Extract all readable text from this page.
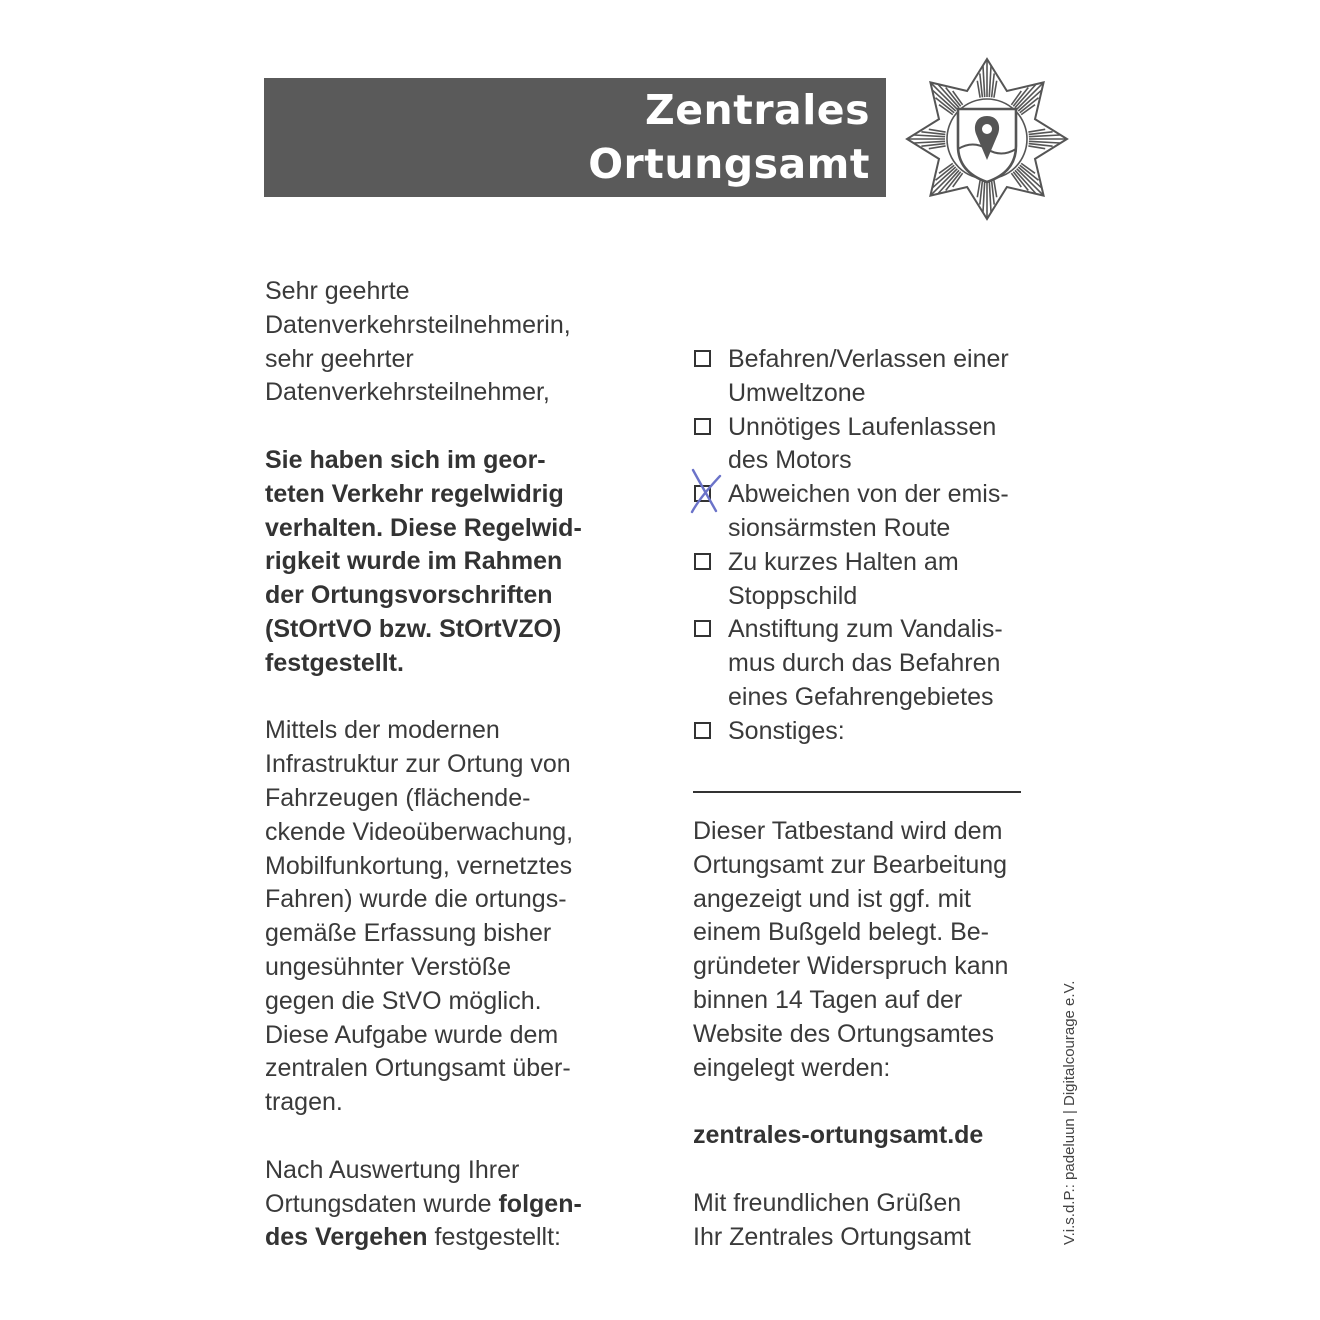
Zentrales
Ortungsamt

Sehr geehrte
Datenverkehrsteilnehmerin,
sehr geehrter
Datenverkehrsteilnehmer,

Sie haben sich im geor-
teten Verkehr regelwidrig
verhalten. Diese Regelwid-
rigkeit wurde im Rahmen
der Ortungsvorschriften
(StOrtVO bzw. StOrtVZO)
festgestellt.

Mittels der modernen
Infrastruktur zur Ortung von
Fahrzeugen (flächende-
ckende Videoüberwachung,
Mobilfunkortung, vernetztes
Fahren) wurde die ortungs-
gemäße Erfassung bisher
ungesühnter Verstöße
gegen die StVO möglich.
Diese Aufgabe wurde dem
zentralen Ortungsamt über-
tragen.

Nach Auswertung Ihrer
Ortungsdaten wurde folgen-
des Vergehen festgestellt:

Befahren/Verlassen einer
Umweltzone
Unnötiges Laufenlassen
des Motors
Abweichen von der emis-
sionsärmsten Route
Zu kurzes Halten am
Stoppschild
Anstiftung zum Vandalis-
mus durch das Befahren
eines Gefahrengebietes
Sonstiges:

Dieser Tatbestand wird dem
Ortungsamt zur Bearbeitung
angezeigt und ist ggf. mit
einem Bußgeld belegt. Be-
gründeter Widerspruch kann
binnen 14 Tagen auf der
Website des Ortungsamtes
eingelegt werden:

zentrales-ortungsamt.de

Mit freundlichen Grüßen
Ihr Zentrales Ortungsamt	V.i.s.d.P.: padeluun | Digitalcourage e.V.
